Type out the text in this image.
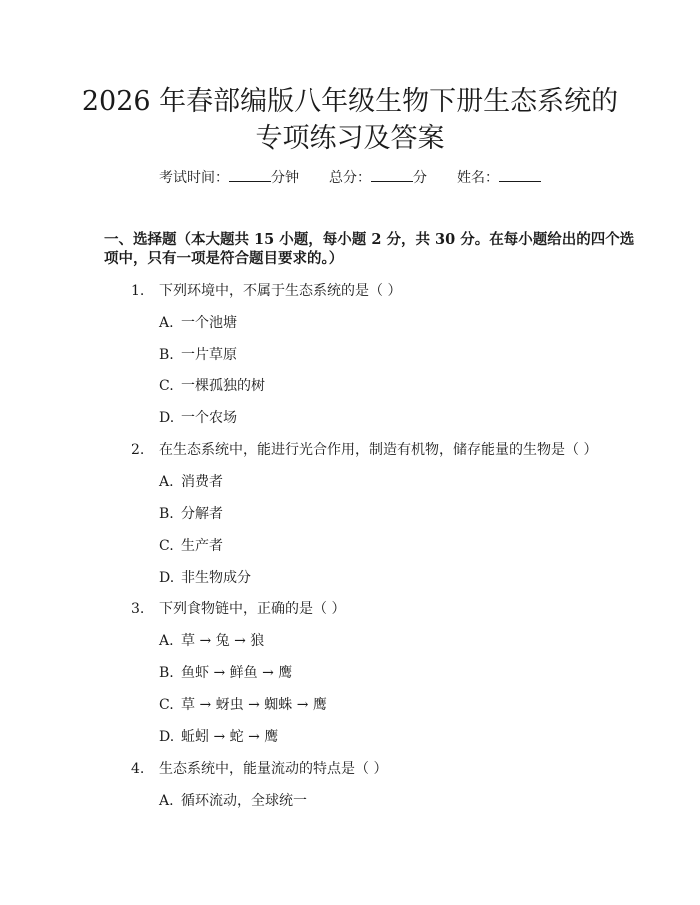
2026 年春部编版八年级生物下册生态系统的
专项练习及答案
考试时间：	分钟 总分：	分 姓名：
一、选择题（本大题共 15 小题，每小题 2 分，共 30 分。在每小题给出的四个选
项中，只有一项是符合题目要求的。）
1. 下列环境中，不属于生态系统的是（ ）
A. 一个池塘
B. 一片草原
C. 一棵孤独的树
D. 一个农场
2. 在生态系统中，能进行光合作用，制造有机物，储存能量的生物是（ ）
A. 消费者
B. 分解者
C. 生产者
D. 非生物成分
3. 下列食物链中，正确的是（ ）
A. 草 → 兔 → 狼
B. 鱼虾 → 鲜鱼 → 鹰
C. 草 → 蚜虫 → 蜘蛛 → 鹰
D. 蚯蚓 → 蛇 → 鹰
4. 生态系统中，能量流动的特点是（ ）
A. 循环流动，全球统一
